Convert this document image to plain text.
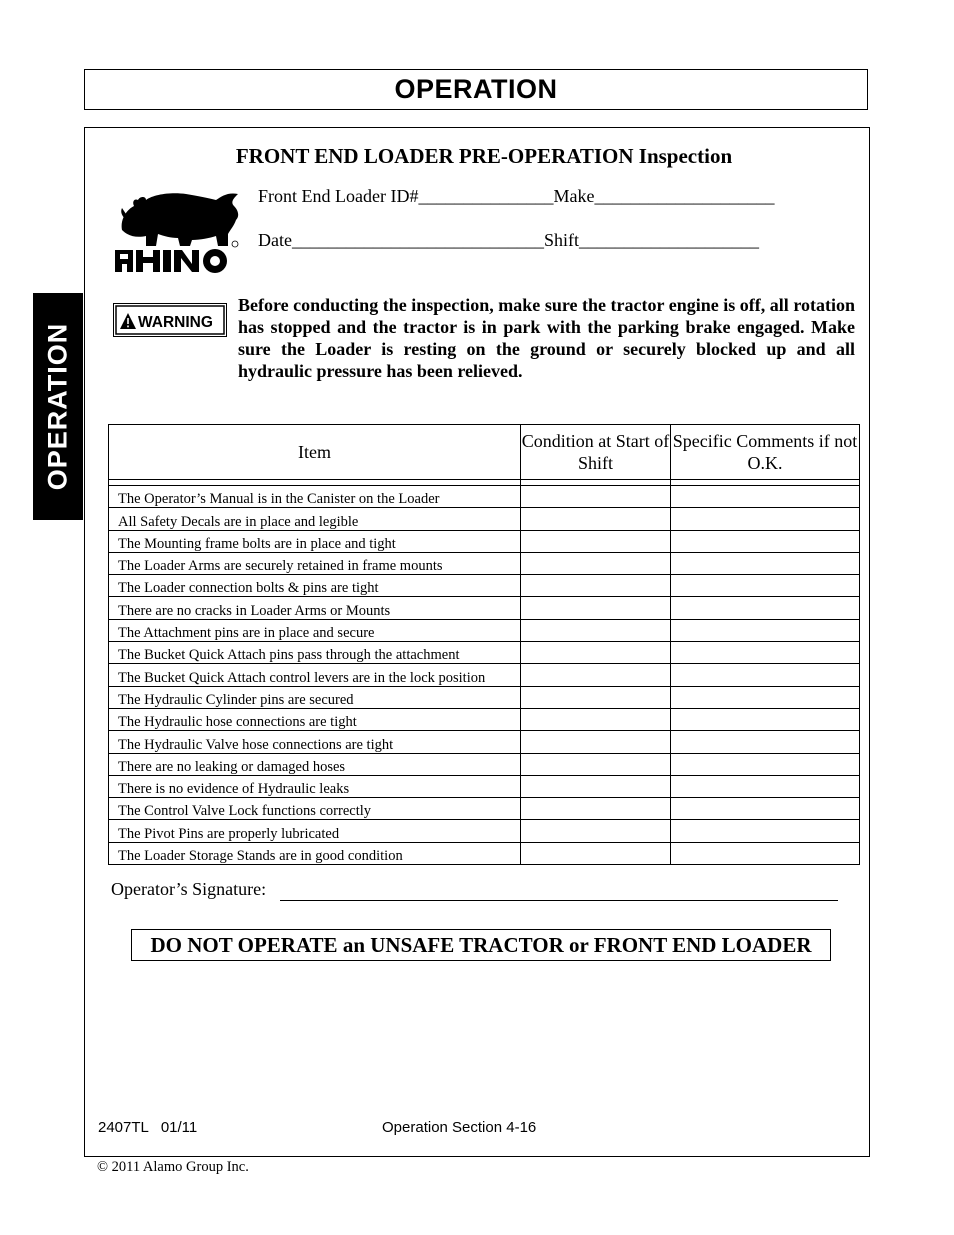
OPERATION
OPERATION
FRONT END LOADER PRE-OPERATION Inspection
Front End Loader ID#_______________Make____________________
Date____________________________Shift____________________
WARNING
Before conducting the inspection, make sure the tractor engine is off, all rotation has stopped and the tractor is in park with the parking brake engaged. Make sure the Loader is resting on the ground or securely blocked up and all hydraulic pressure has been relieved.
Item	Condition at Start of Shift	Specific Comments if not O.K.

The Operator’s Manual is in the Canister on the Loader		
All Safety Decals are in place and legible		
The Mounting frame bolts are in place and tight		
The Loader Arms are securely retained in frame mounts		
The Loader connection bolts & pins are tight		
There are no cracks in Loader Arms or Mounts		
The Attachment pins are in place and secure		
The Bucket Quick Attach pins pass through the attachment		
The Bucket Quick Attach control levers are in the lock position		
The Hydraulic Cylinder pins are secured		
The Hydraulic hose connections are tight		
The Hydraulic Valve hose connections are tight		
There are no leaking or damaged hoses		
There is no evidence of Hydraulic leaks		
The Control Valve Lock functions correctly		
The Pivot Pins are properly lubricated		
The Loader Storage Stands are in good condition		
Operator’s Signature:
DO NOT OPERATE an UNSAFE TRACTOR or FRONT END LOADER
2407TL   01/11	Operation Section 4-16
© 2011 Alamo Group Inc.
